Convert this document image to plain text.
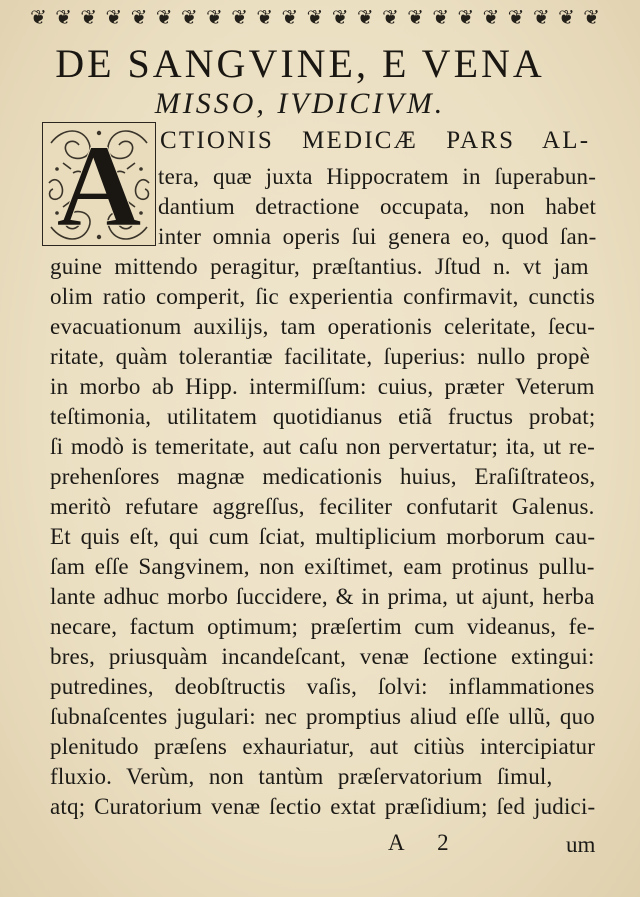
❦ ❦ ❦ ❦ ❦ ❦ ❦ ❦ ❦ ❦ ❦ ❦ ❦ ❦ ❦ ❦ ❦ ❦ ❦ ❦ ❦ ❦ ❦
DE SANGVINE, E VENA
MISSO, IVDICIVM.
A CTIONIS MEDICÆ PARS AL-
tera, quæ juxta Hippocratem in ſuperabun-
dantium detractione occupata, non habet
inter omnia operis ſui genera eo, quod ſan-
guine mittendo peragitur, præſtantius. Jſtud n. vt jam
olim ratio comperit, ſic experientia confirmavit, cunctis
evacuationum auxilijs, tam operationis celeritate, ſecu-
ritate, quàm tolerantiæ facilitate, ſuperius: nullo propè
in morbo ab Hipp. intermiſſum: cuius, præter Veterum
teſtimonia, utilitatem quotidianus etiã fructus probat;
ſi modò is temeritate, aut caſu non pervertatur; ita, ut re-
prehenſores magnæ medicationis huius, Eraſiſtrateos,
meritò refutare aggreſſus, feciliter confutarit Galenus.
Et quis eſt, qui cum ſciat, multiplicium morborum cau-
ſam eſſe Sangvinem, non exiſtimet, eam protinus pullu-
lante adhuc morbo ſuccidere, & in prima, ut ajunt, herba
necare, factum optimum; præſertim cum videanus, fe-
bres, priusquàm incandeſcant, venæ ſectione extingui:
putredines, deobſtructis vaſis, ſolvi: inflammationes
ſubnaſcentes jugulari: nec promptius aliud eſſe ullũ, quo
plenitudo præſens exhauriatur, aut citiùs intercipiatur
fluxio. Verùm, non tantùm præſervatorium ſimul,
atq; Curatorium venæ ſectio extat præſidium; ſed judici-
A 2	um
